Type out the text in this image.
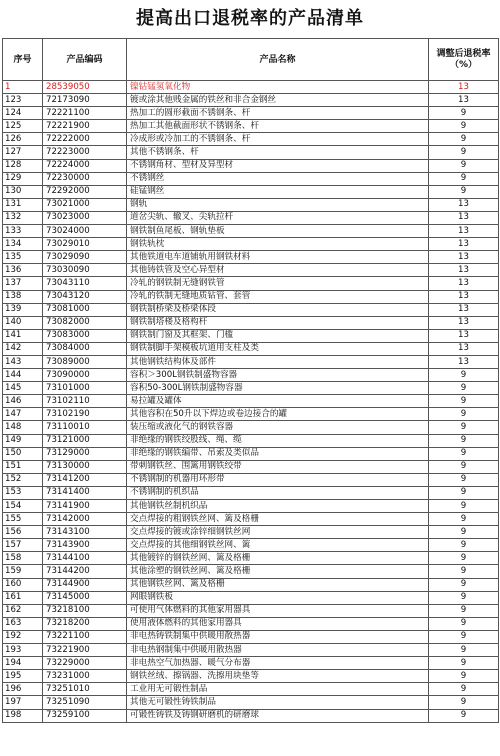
提高出口退税率的产品清单
序号	产品编码	产品名称	调整后退税率（%）
1	28539050	镍钴锰氢氧化物	13
123	72173090	镀或涂其他贱金属的铁丝和非合金钢丝	13
124	72221100	热加工的圆形截面不锈钢条、杆	9
125	72221900	热加工其他截面形状不锈钢条、杆	9
126	72222000	冷成形或冷加工的不锈钢条、杆	9
127	72223000	其他不锈钢条、杆	9
128	72224000	不锈钢角材、型材及异型材	9
129	72230000	不锈钢丝	9
130	72292000	硅锰钢丝	9
131	73021000	钢轨	13
132	73023000	道岔尖轨、辙叉、尖轨拉杆	13
133	73024000	钢铁制鱼尾板、钢轨垫板	13
134	73029010	钢铁轨枕	13
135	73029090	其他铁道电车道铺轨用钢铁材料	13
136	73030090	其他铸铁管及空心异型材	13
137	73043110	冷轧的钢铁制无缝钢铁管	13
138	73043120	冷轧的铁制无缝地质钻管、套管	13
139	73081000	钢铁制桥梁及桥梁体段	13
140	73082000	钢铁制塔楼及格构杆	13
141	73083000	钢铁制门窗及其框架、门槛	13
142	73084000	钢铁制脚手架模板坑道用支柱及类	13
143	73089000	其他钢铁结构体及部件	13
144	73090000	容积＞300L钢铁制盛物容器	9
145	73101000	容积50-300L钢铁制盛物容器	9
146	73102110	易拉罐及罐体	9
147	73102190	其他容积在50升以下焊边或卷边接合的罐	9
148	73110010	装压缩或液化气的钢铁容器	9
149	73121000	非绝缘的钢铁绞股线、绳、缆	9
150	73129000	非绝缘的钢铁编带、吊索及类似品	9
151	73130000	带刺钢铁丝、围篱用钢铁绞带	9
152	73141200	不锈钢制的机器用环形带	9
153	73141400	不锈钢制的机织品	9
154	73141900	其他钢铁丝制机织品	9
155	73142000	交点焊接的粗钢铁丝网、篱及格栅	9
156	73143100	交点焊接的镀或涂锌细钢铁丝网	9
157	73143900	交点焊接的其他细钢铁丝网、篱	9
158	73144100	其他镀锌的钢铁丝网、篱及格栅	9
159	73144200	其他涂塑的钢铁丝网、篱及格栅	9
160	73144900	其他钢铁丝网、篱及格栅	9
161	73145000	网眼钢铁板	9
162	73218100	可使用气体燃料的其他家用器具	9
163	73218200	使用液体燃料的其他家用器具	9
192	73221100	非电热铸铁制集中供暖用散热器	9
193	73221900	非电热钢制集中供暖用散热器	9
194	73229000	非电热空气加热器、暖气分布器	9
195	73231000	钢铁丝绒、擦锅器、洗擦用块垫等	9
196	73251010	工业用无可锻性制品	9
197	73251090	其他无可锻性铸铁制品	9
198	73259100	可锻性铸铁及铸钢研磨机的研磨球	9
